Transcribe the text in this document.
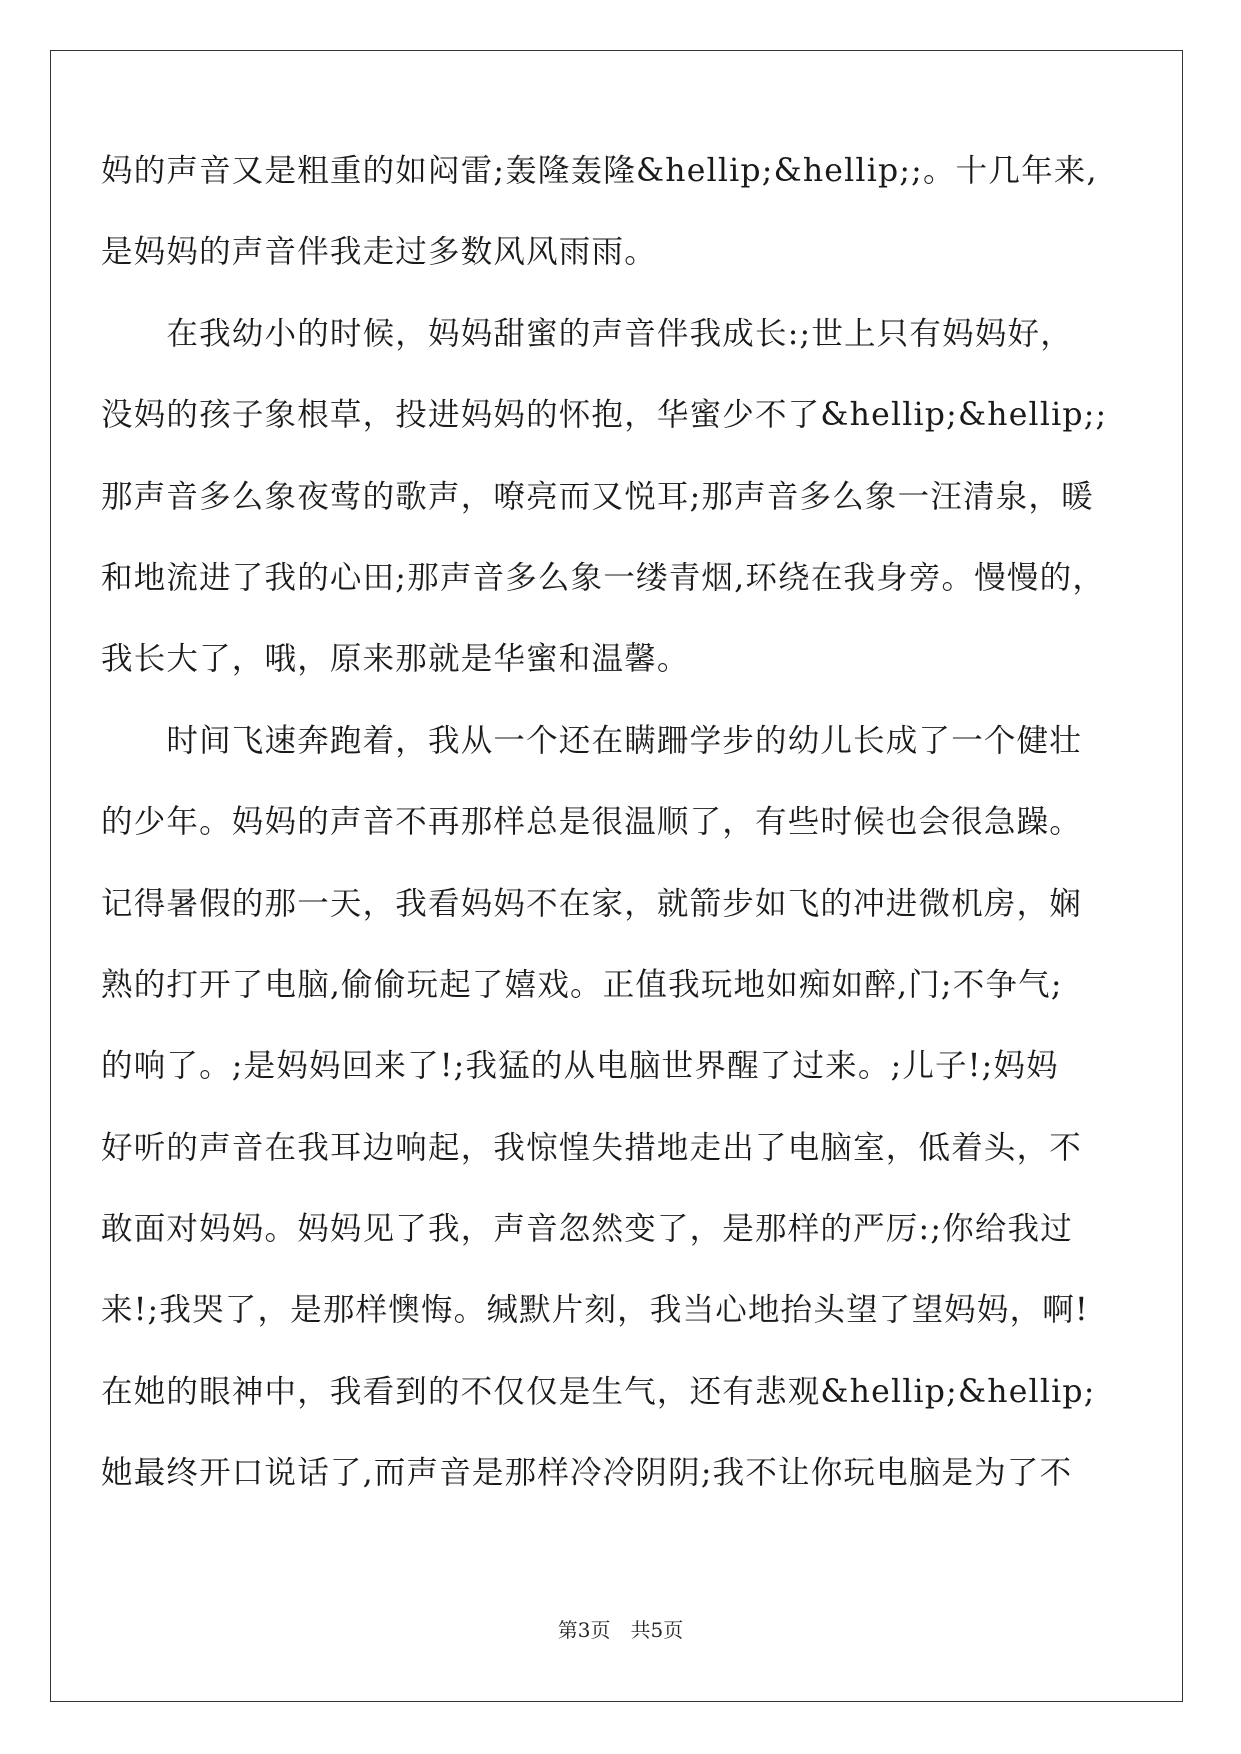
妈的声音又是粗重的如闷雷;轰隆轰隆&hellip;&hellip;;。十几年来,
是妈妈的声音伴我走过多数风风雨雨。
　　在我幼小的时候，妈妈甜蜜的声音伴我成长:;世上只有妈妈好，
没妈的孩子象根草，投进妈妈的怀抱，华蜜少不了&hellip;&hellip;;
那声音多么象夜莺的歌声，嘹亮而又悦耳;那声音多么象一汪清泉，暖
和地流进了我的心田;那声音多么象一缕青烟,环绕在我身旁。慢慢的，
我长大了，哦，原来那就是华蜜和温馨。
　　时间飞速奔跑着，我从一个还在瞒跚学步的幼儿长成了一个健壮
的少年。妈妈的声音不再那样总是很温顺了，有些时候也会很急躁。
记得暑假的那一天，我看妈妈不在家，就箭步如飞的冲进微机房，娴
熟的打开了电脑,偷偷玩起了嬉戏。正值我玩地如痴如醉,门;不争气;
的响了。;是妈妈回来了!;我猛的从电脑世界醒了过来。;儿子!;妈妈
好听的声音在我耳边响起，我惊惶失措地走出了电脑室，低着头，不
敢面对妈妈。妈妈见了我，声音忽然变了，是那样的严厉:;你给我过
来!;我哭了，是那样懊悔。缄默片刻，我当心地抬头望了望妈妈，啊!
在她的眼神中，我看到的不仅仅是生气，还有悲观&hellip;&hellip;
她最终开口说话了,而声音是那样冷冷阴阴;我不让你玩电脑是为了不
第3页　共5页
